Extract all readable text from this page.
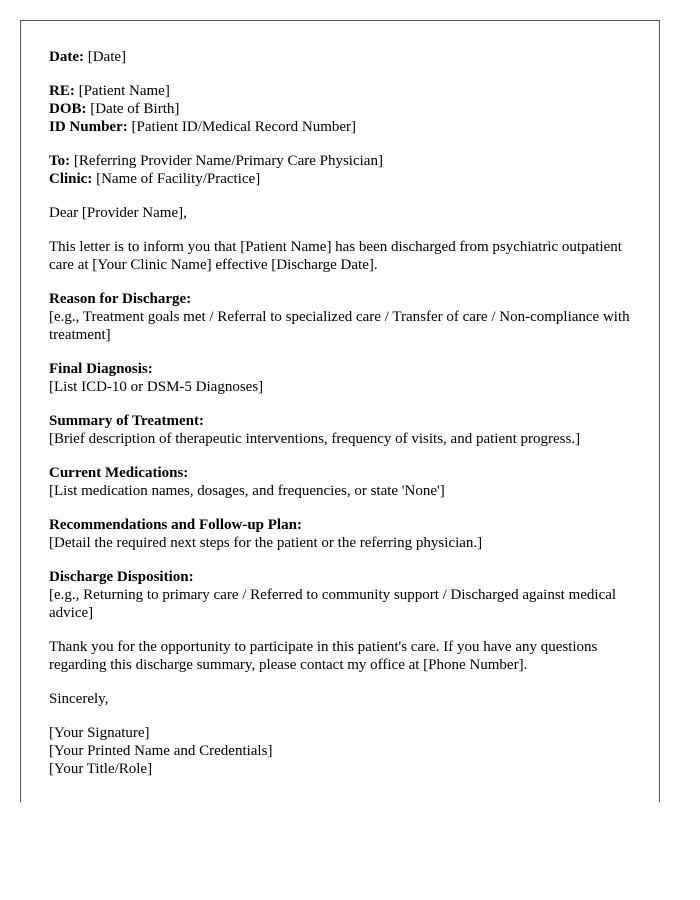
Date: [Date]
RE: [Patient Name]
DOB: [Date of Birth]
ID Number: [Patient ID/Medical Record Number]
To: [Referring Provider Name/Primary Care Physician]
Clinic: [Name of Facility/Practice]
Dear [Provider Name],
This letter is to inform you that [Patient Name] has been discharged from psychiatric outpatient care at [Your Clinic Name] effective [Discharge Date].
Reason for Discharge:
[e.g., Treatment goals met / Referral to specialized care / Transfer of care / Non-compliance with treatment]
Final Diagnosis:
[List ICD-10 or DSM-5 Diagnoses]
Summary of Treatment:
[Brief description of therapeutic interventions, frequency of visits, and patient progress.]
Current Medications:
[List medication names, dosages, and frequencies, or state 'None']
Recommendations and Follow-up Plan:
[Detail the required next steps for the patient or the referring physician.]
Discharge Disposition:
[e.g., Returning to primary care / Referred to community support / Discharged against medical advice]
Thank you for the opportunity to participate in this patient's care. If you have any questions regarding this discharge summary, please contact my office at [Phone Number].
Sincerely,
[Your Signature]
[Your Printed Name and Credentials]
[Your Title/Role]
